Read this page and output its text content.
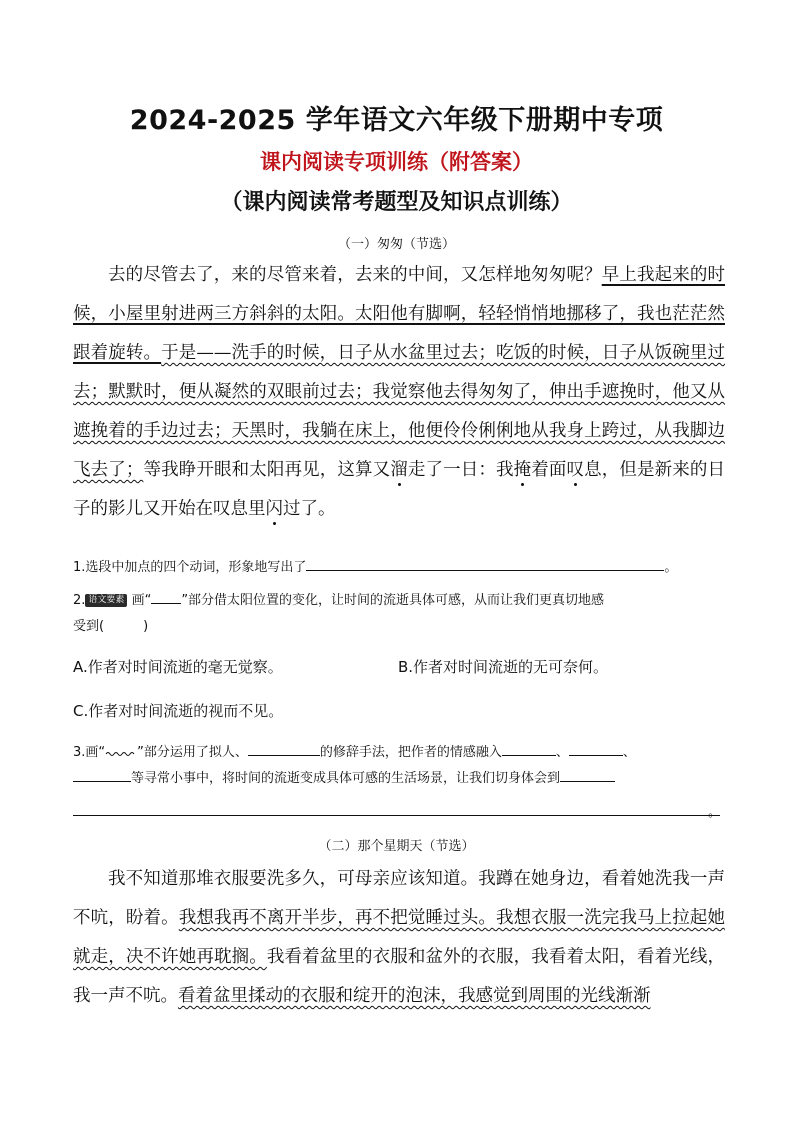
2024-2025 学年语文六年级下册期中专项
课内阅读专项训练（附答案）
（课内阅读常考题型及知识点训练）
（一）匆匆（节选）

去的尽管去了，来的尽管来着，去来的中间，又怎样地匆匆呢？早上我起来的时候，小屋里射进两三方斜斜的太阳。太阳他有脚啊，轻轻悄悄地挪移了，我也茫茫然跟着旋转。于是——洗手的时候，日子从水盆里过去；吃饭的时候，日子从饭碗里过去；默默时，便从凝然的双眼前过去；我觉察他去得匆匆了，伸出手遮挽时，他又从遮挽着的手边过去；天黑时，我躺在床上，他便伶伶俐俐地从我身上跨过，从我脚边飞去了；等我睁开眼和太阳再见，这算又溜走了一日：我掩着面叹息，但是新来的日子的影儿又开始在叹息里闪过了。

1.选段中加点的四个动词，形象地写出了	。
2. 语文要素 画“ ”部分借太阳位置的变化，让时间的流逝具体可感，从而让我们更真切地感
受到(　　　)
A.作者对时间流逝的毫无觉察。	B.作者对时间流逝的无可奈何。
C.作者对时间流逝的视而不见。
3.画“ ”部分运用了拟人、	的修辞手法，把作者的情感融入	、	、
等寻常小事中，将时间的流逝变成具体可感的生活场景，让我们切身体会到
。
（二）那个星期天（节选）

我不知道那堆衣服要洗多久，可母亲应该知道。我蹲在她身边，看着她洗我一声不吭，盼着。我想我再不离开半步，再不把觉睡过头。我想衣服一洗完我马上拉起她就走，决不许她再耽搁。我看着盆里的衣服和盆外的衣服，我看着太阳，看着光线，我一声不吭。看着盆里揉动的衣服和绽开的泡沫，我感觉到周围的光线渐渐
